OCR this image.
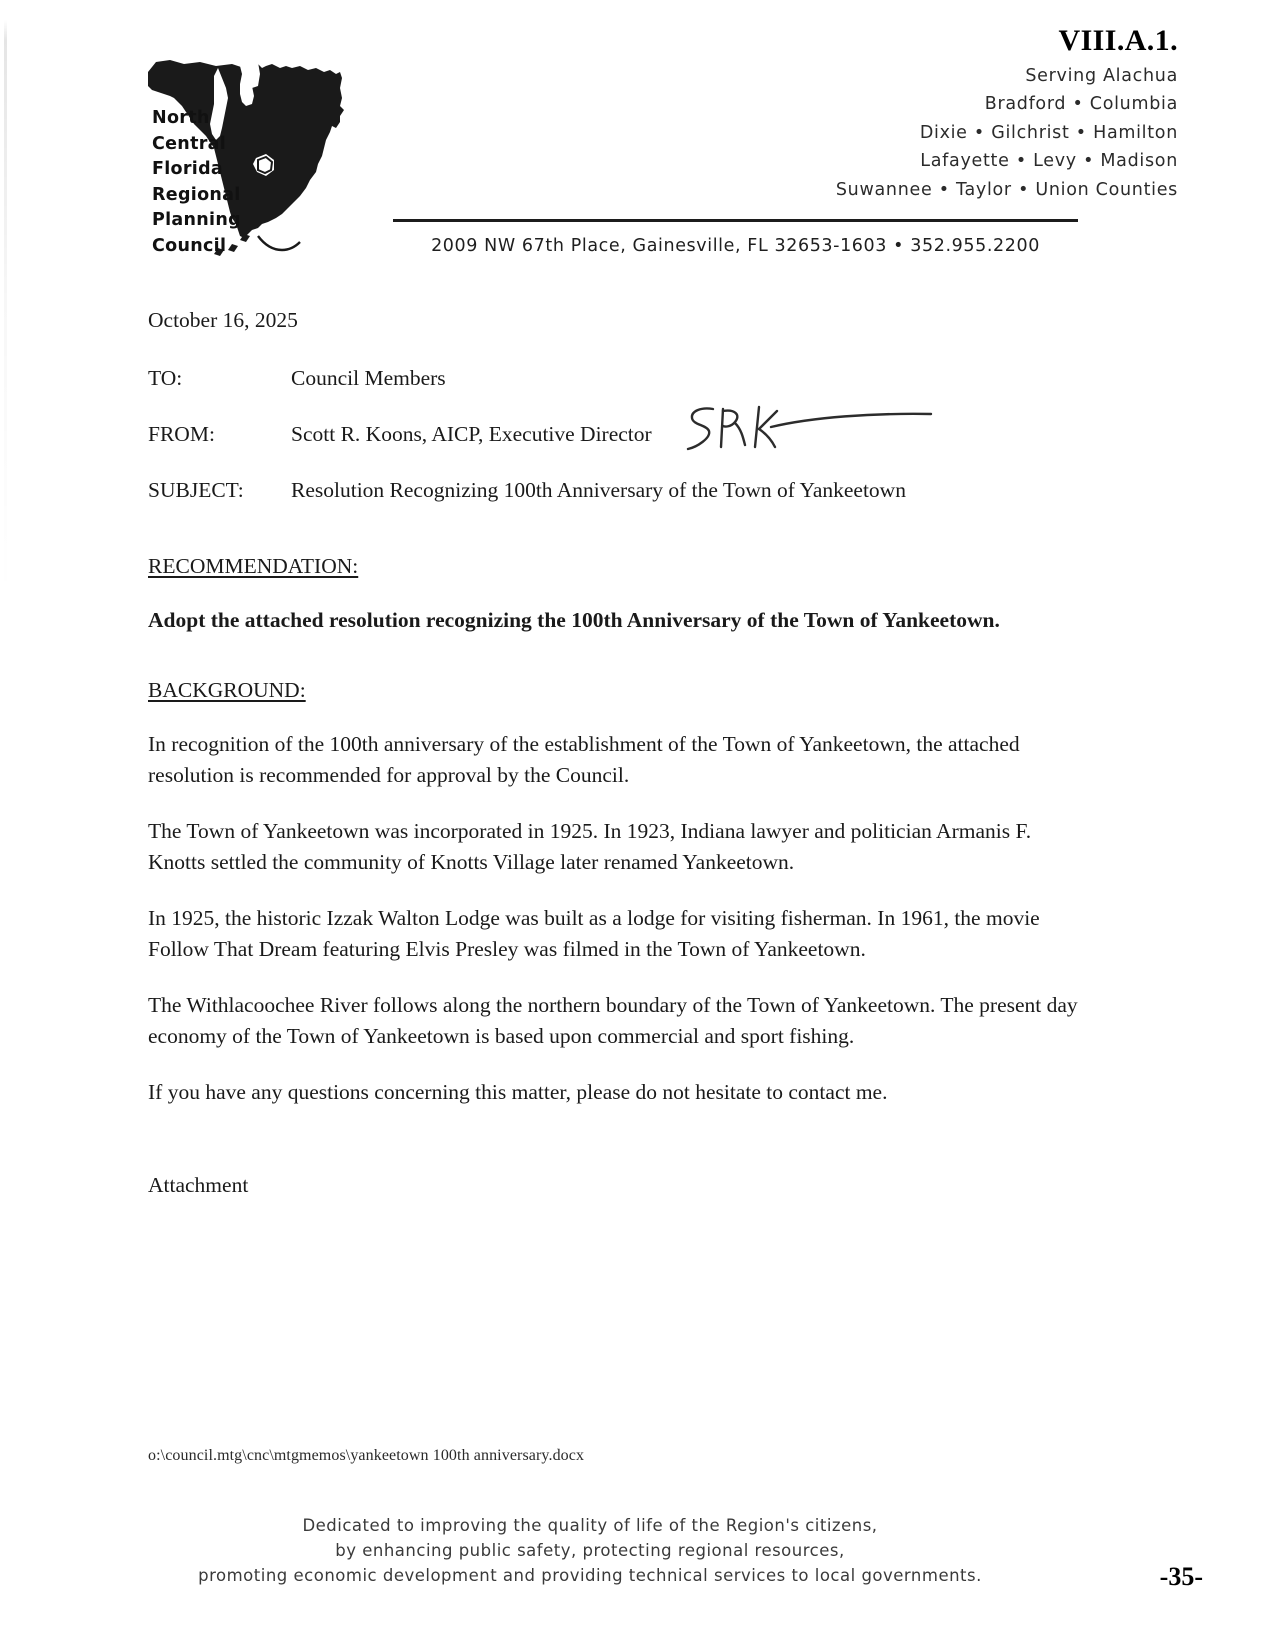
VIII.A.1.
North
Central
Florida
Regional
Planning
Council
Serving Alachua
Bradford • Columbia
Dixie • Gilchrist • Hamilton
Lafayette • Levy • Madison
Suwannee • Taylor • Union Counties
2009 NW 67th Place, Gainesville, FL 32653-1603 • 352.955.2200
October 16, 2025
TO:	Council Members
FROM:	Scott R. Koons, AICP, Executive Director
SUBJECT:	Resolution Recognizing 100th Anniversary of the Town of Yankeetown
RECOMMENDATION:
Adopt the attached resolution recognizing the 100th Anniversary of the Town of Yankeetown.
BACKGROUND:
In recognition of the 100th anniversary of the establishment of the Town of Yankeetown, the attached resolution is recommended for approval by the Council.
The Town of Yankeetown was incorporated in 1925. In 1923, Indiana lawyer and politician Armanis F. Knotts settled the community of Knotts Village later renamed Yankeetown.
In 1925, the historic Izzak Walton Lodge was built as a lodge for visiting fisherman. In 1961, the movie Follow That Dream featuring Elvis Presley was filmed in the Town of Yankeetown.
The Withlacoochee River follows along the northern boundary of the Town of Yankeetown. The present day economy of the Town of Yankeetown is based upon commercial and sport fishing.
If you have any questions concerning this matter, please do not hesitate to contact me.
Attachment
o:\council.mtg\cnc\mtgmemos\yankeetown 100th anniversary.docx
Dedicated to improving the quality of life of the Region's citizens,
by enhancing public safety, protecting regional resources,
promoting economic development and providing technical services to local governments.	-35-
